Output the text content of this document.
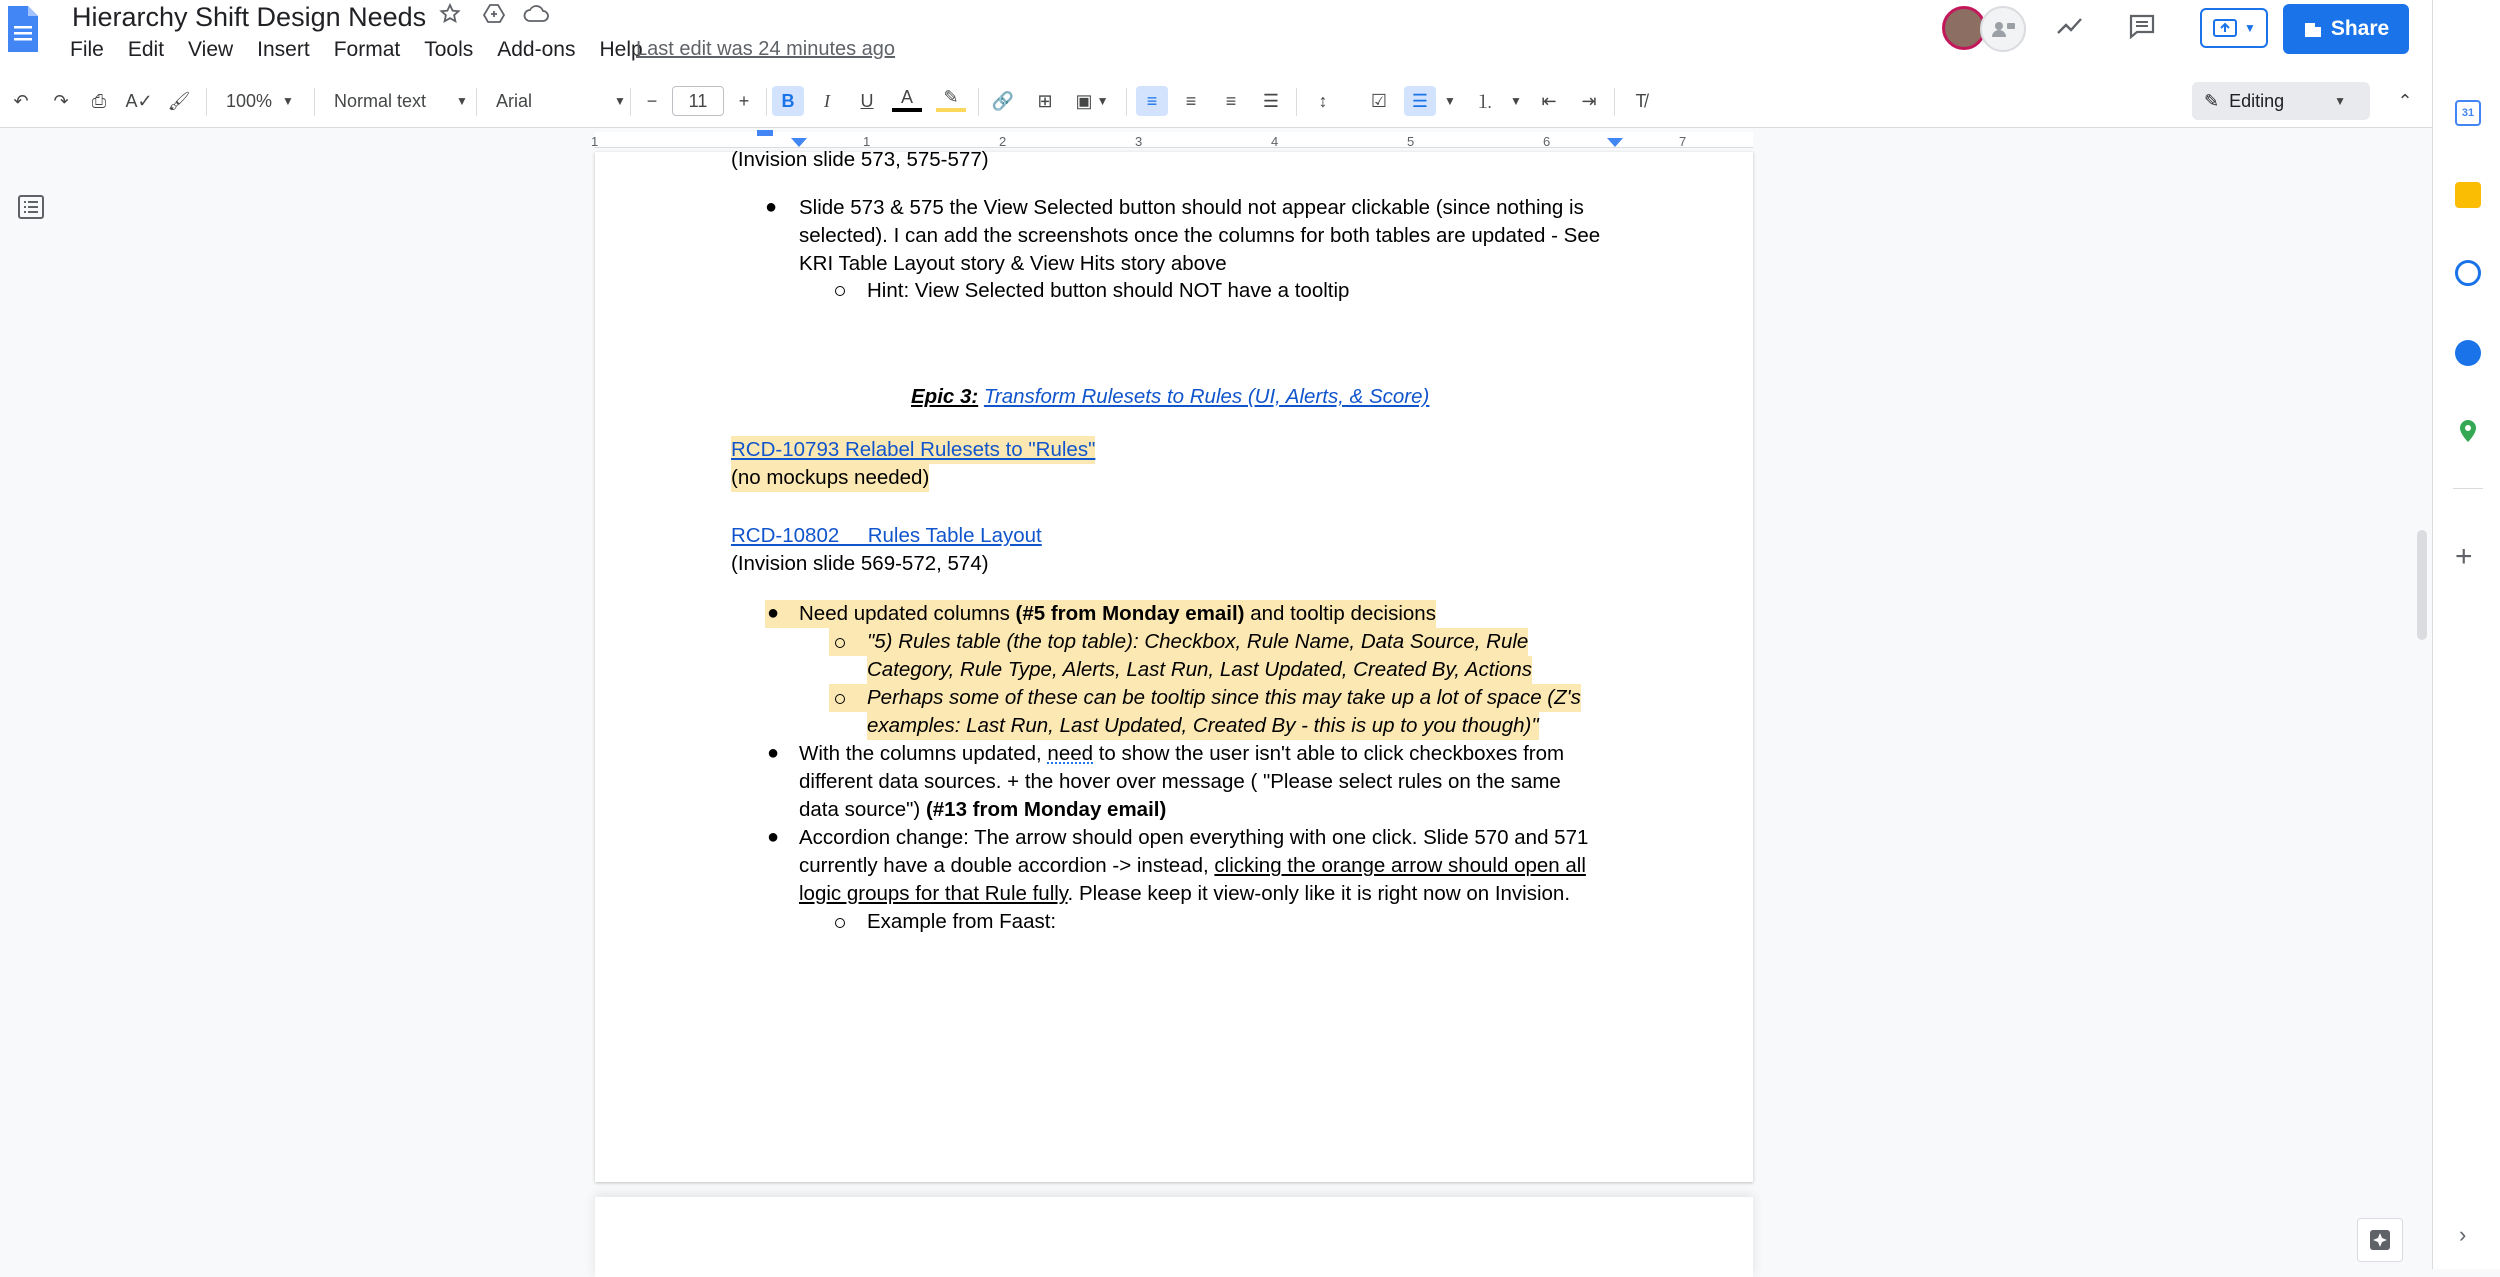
Hierarchy Shift Design Needs
File	Edit	View	Insert	Format	Tools	Add-ons	Help
Last edit was 24 minutes ago
▼	Share
↶	↷	⎙	A✓ 🖌 100% ▼ Normal text	▼ Arial	▼	−	11	+	B	I	U	A	✎	🔗	⊞	▣ ▼	≡	≡	≡	☰	↕	☑	☰	▼	⒈	▼	⇤	⇥	T̸	✎ Editing	▼	⌃
1	1	2	3	4	5	6	7
(Invision slide 573, 575-577)
● Slide 573 & 575 the View Selected button should not appear clickable (since nothing is
selected). I can add the screenshots once the columns for both tables are updated - See
KRI Table Layout story & View Hits story above
Hint: View Selected button should NOT have a tooltip
Epic 3: Transform Rulesets to Rules (UI, Alerts, & Score)
RCD-10793 Relabel Rulesets to "Rules"
(no mockups needed)
RCD-10802     Rules Table Layout
(Invision slide 569-572, 574)
● Need updated columns (#5 from Monday email) and tooltip decisions
"5) Rules table (the top table): Checkbox, Rule Name, Data Source, Rule
Category, Rule Type, Alerts, Last Run, Last Updated, Created By, Actions
Perhaps some of these can be tooltip since this may take up a lot of space (Z's
examples: Last Run, Last Updated, Created By - this is up to you though)"
● With the columns updated, need to show the user isn't able to click checkboxes from
different data sources. + the hover over message ( "Please select rules on the same
data source") (#13 from Monday email)
● Accordion change: The arrow should open everything with one click. Slide 570 and 571
currently have a double accordion -> instead, clicking the orange arrow should open all
logic groups for that Rule fully. Please keep it view-only like it is right now on Invision.
Example from Faast:
31
+
›
